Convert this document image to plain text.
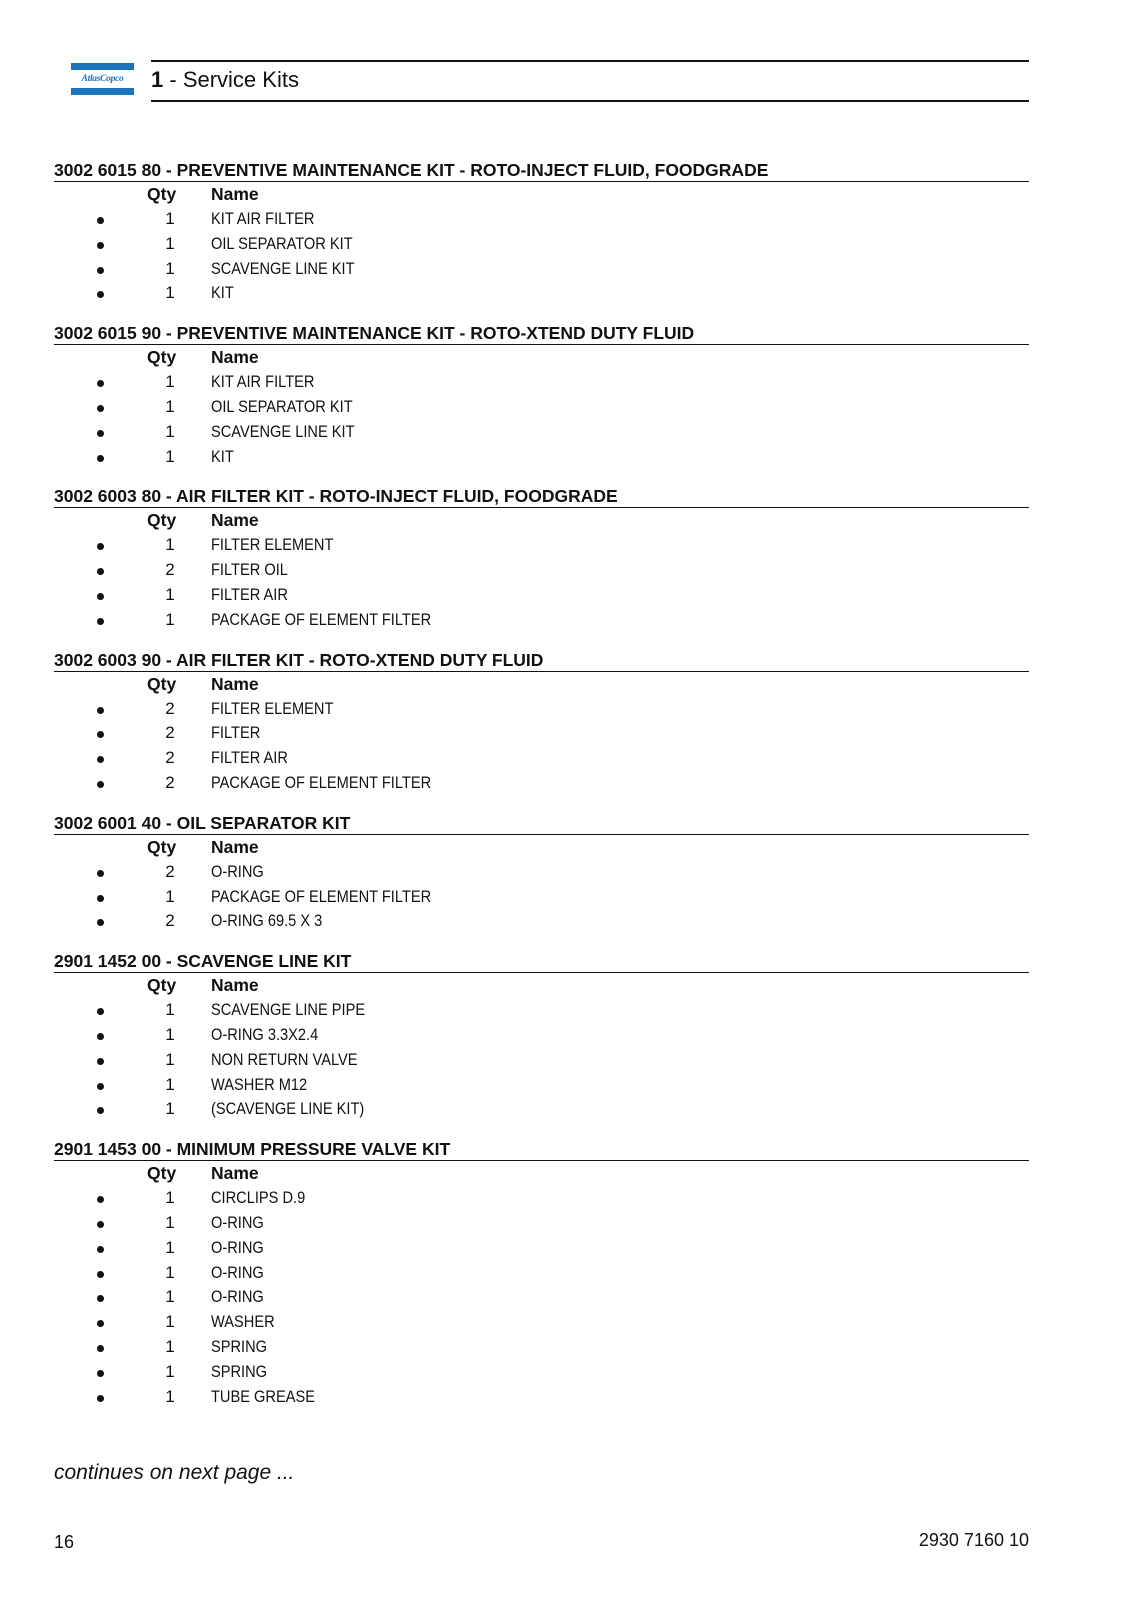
AtlasCopco	1 - Service Kits
3002 6015 80 - PREVENTIVE MAINTENANCE KIT - ROTO-INJECT FLUID, FOODGRADE
Qty Name
1 KIT AIR FILTER
1 OIL SEPARATOR KIT
1 SCAVENGE LINE KIT
1 KIT
3002 6015 90 - PREVENTIVE MAINTENANCE KIT - ROTO-XTEND DUTY FLUID
Qty Name
1 KIT AIR FILTER
1 OIL SEPARATOR KIT
1 SCAVENGE LINE KIT
1 KIT
3002 6003 80 - AIR FILTER KIT - ROTO-INJECT FLUID, FOODGRADE
Qty Name
1 FILTER ELEMENT
2 FILTER OIL
1 FILTER AIR
1 PACKAGE OF ELEMENT FILTER
3002 6003 90 - AIR FILTER KIT - ROTO-XTEND DUTY FLUID
Qty Name
2 FILTER ELEMENT
2 FILTER
2 FILTER AIR
2 PACKAGE OF ELEMENT FILTER
3002 6001 40 - OIL SEPARATOR KIT
Qty Name
2 O-RING
1 PACKAGE OF ELEMENT FILTER
2 O-RING 69.5 X 3
2901 1452 00 - SCAVENGE LINE KIT
Qty Name
1 SCAVENGE LINE PIPE
1 O-RING 3.3X2.4
1 NON RETURN VALVE
1 WASHER M12
1 (SCAVENGE LINE KIT)
2901 1453 00 - MINIMUM PRESSURE VALVE KIT
Qty Name
1 CIRCLIPS D.9
1 O-RING
1 O-RING
1 O-RING
1 O-RING
1 WASHER
1 SPRING
1 SPRING
1 TUBE GREASE
continues on next page ...
16	2930 7160 10
